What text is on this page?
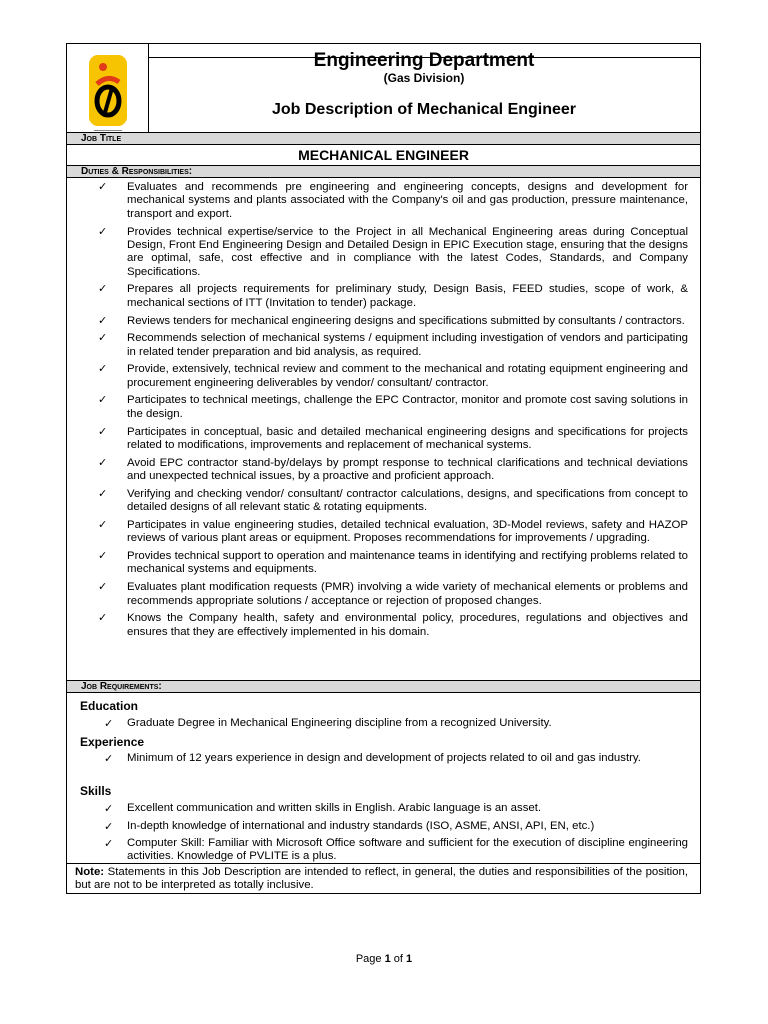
Engineering Department
(Gas Division)
Job Description of Mechanical Engineer
Job Title
MECHANICAL ENGINEER
Duties & Responsibilities:
✓ Evaluates and recommends pre engineering and engineering concepts, designs and development for mechanical systems and plants associated with the Company's oil and gas production, pressure maintenance, transport and export.
✓ Provides technical expertise/service to the Project in all Mechanical Engineering areas during Conceptual Design, Front End Engineering Design and Detailed Design in EPIC Execution stage, ensuring that the designs are optimal, safe, cost effective and in compliance with the latest Codes, Standards, and Company Specifications.
✓ Prepares all projects requirements for preliminary study, Design Basis, FEED studies, scope of work, & mechanical sections of ITT (Invitation to tender) package.
✓ Reviews tenders for mechanical engineering designs and specifications submitted by consultants / contractors.
✓ Recommends selection of mechanical systems / equipment including investigation of vendors and participating in related tender preparation and bid analysis, as required.
✓ Provide, extensively, technical review and comment to the mechanical and rotating equipment engineering and procurement engineering deliverables by vendor/ consultant/ contractor.
✓ Participates to technical meetings, challenge the EPC Contractor, monitor and promote cost saving solutions in the design.
✓ Participates in conceptual, basic and detailed mechanical engineering designs and specifications for projects related to modifications, improvements and replacement of mechanical systems.
✓ Avoid EPC contractor stand-by/delays by prompt response to technical clarifications and technical deviations and unexpected technical issues, by a proactive and proficient approach.
✓ Verifying and checking vendor/ consultant/ contractor calculations, designs, and specifications from concept to detailed designs of all relevant static & rotating equipments.
✓ Participates in value engineering studies, detailed technical evaluation, 3D-Model reviews, safety and HAZOP reviews of various plant areas or equipment. Proposes recommendations for improvements / upgrading.
✓ Provides technical support to operation and maintenance teams in identifying and rectifying problems related to mechanical systems and equipments.
✓ Evaluates plant modification requests (PMR) involving a wide variety of mechanical elements or problems and recommends appropriate solutions / acceptance or rejection of proposed changes.
✓ Knows the Company health, safety and environmental policy, procedures, regulations and objectives and ensures that they are effectively implemented in his domain.
Job Requirements:
Education
✓	Graduate Degree in Mechanical Engineering discipline from a recognized University.
Experience
✓	Minimum of 12 years experience in design and development of projects related to oil and gas industry.
Skills
✓	Excellent communication and written skills in English. Arabic language is an asset.
✓	In-depth knowledge of international and industry standards (ISO, ASME, ANSI, API, EN, etc.)
✓	Computer Skill: Familiar with Microsoft Office software and sufficient for the execution of discipline engineering activities. Knowledge of PVLITE is a plus.
Note: Statements in this Job Description are intended to reflect, in general, the duties and responsibilities of the position, but are not to be interpreted as totally inclusive.
Page 1 of 1
